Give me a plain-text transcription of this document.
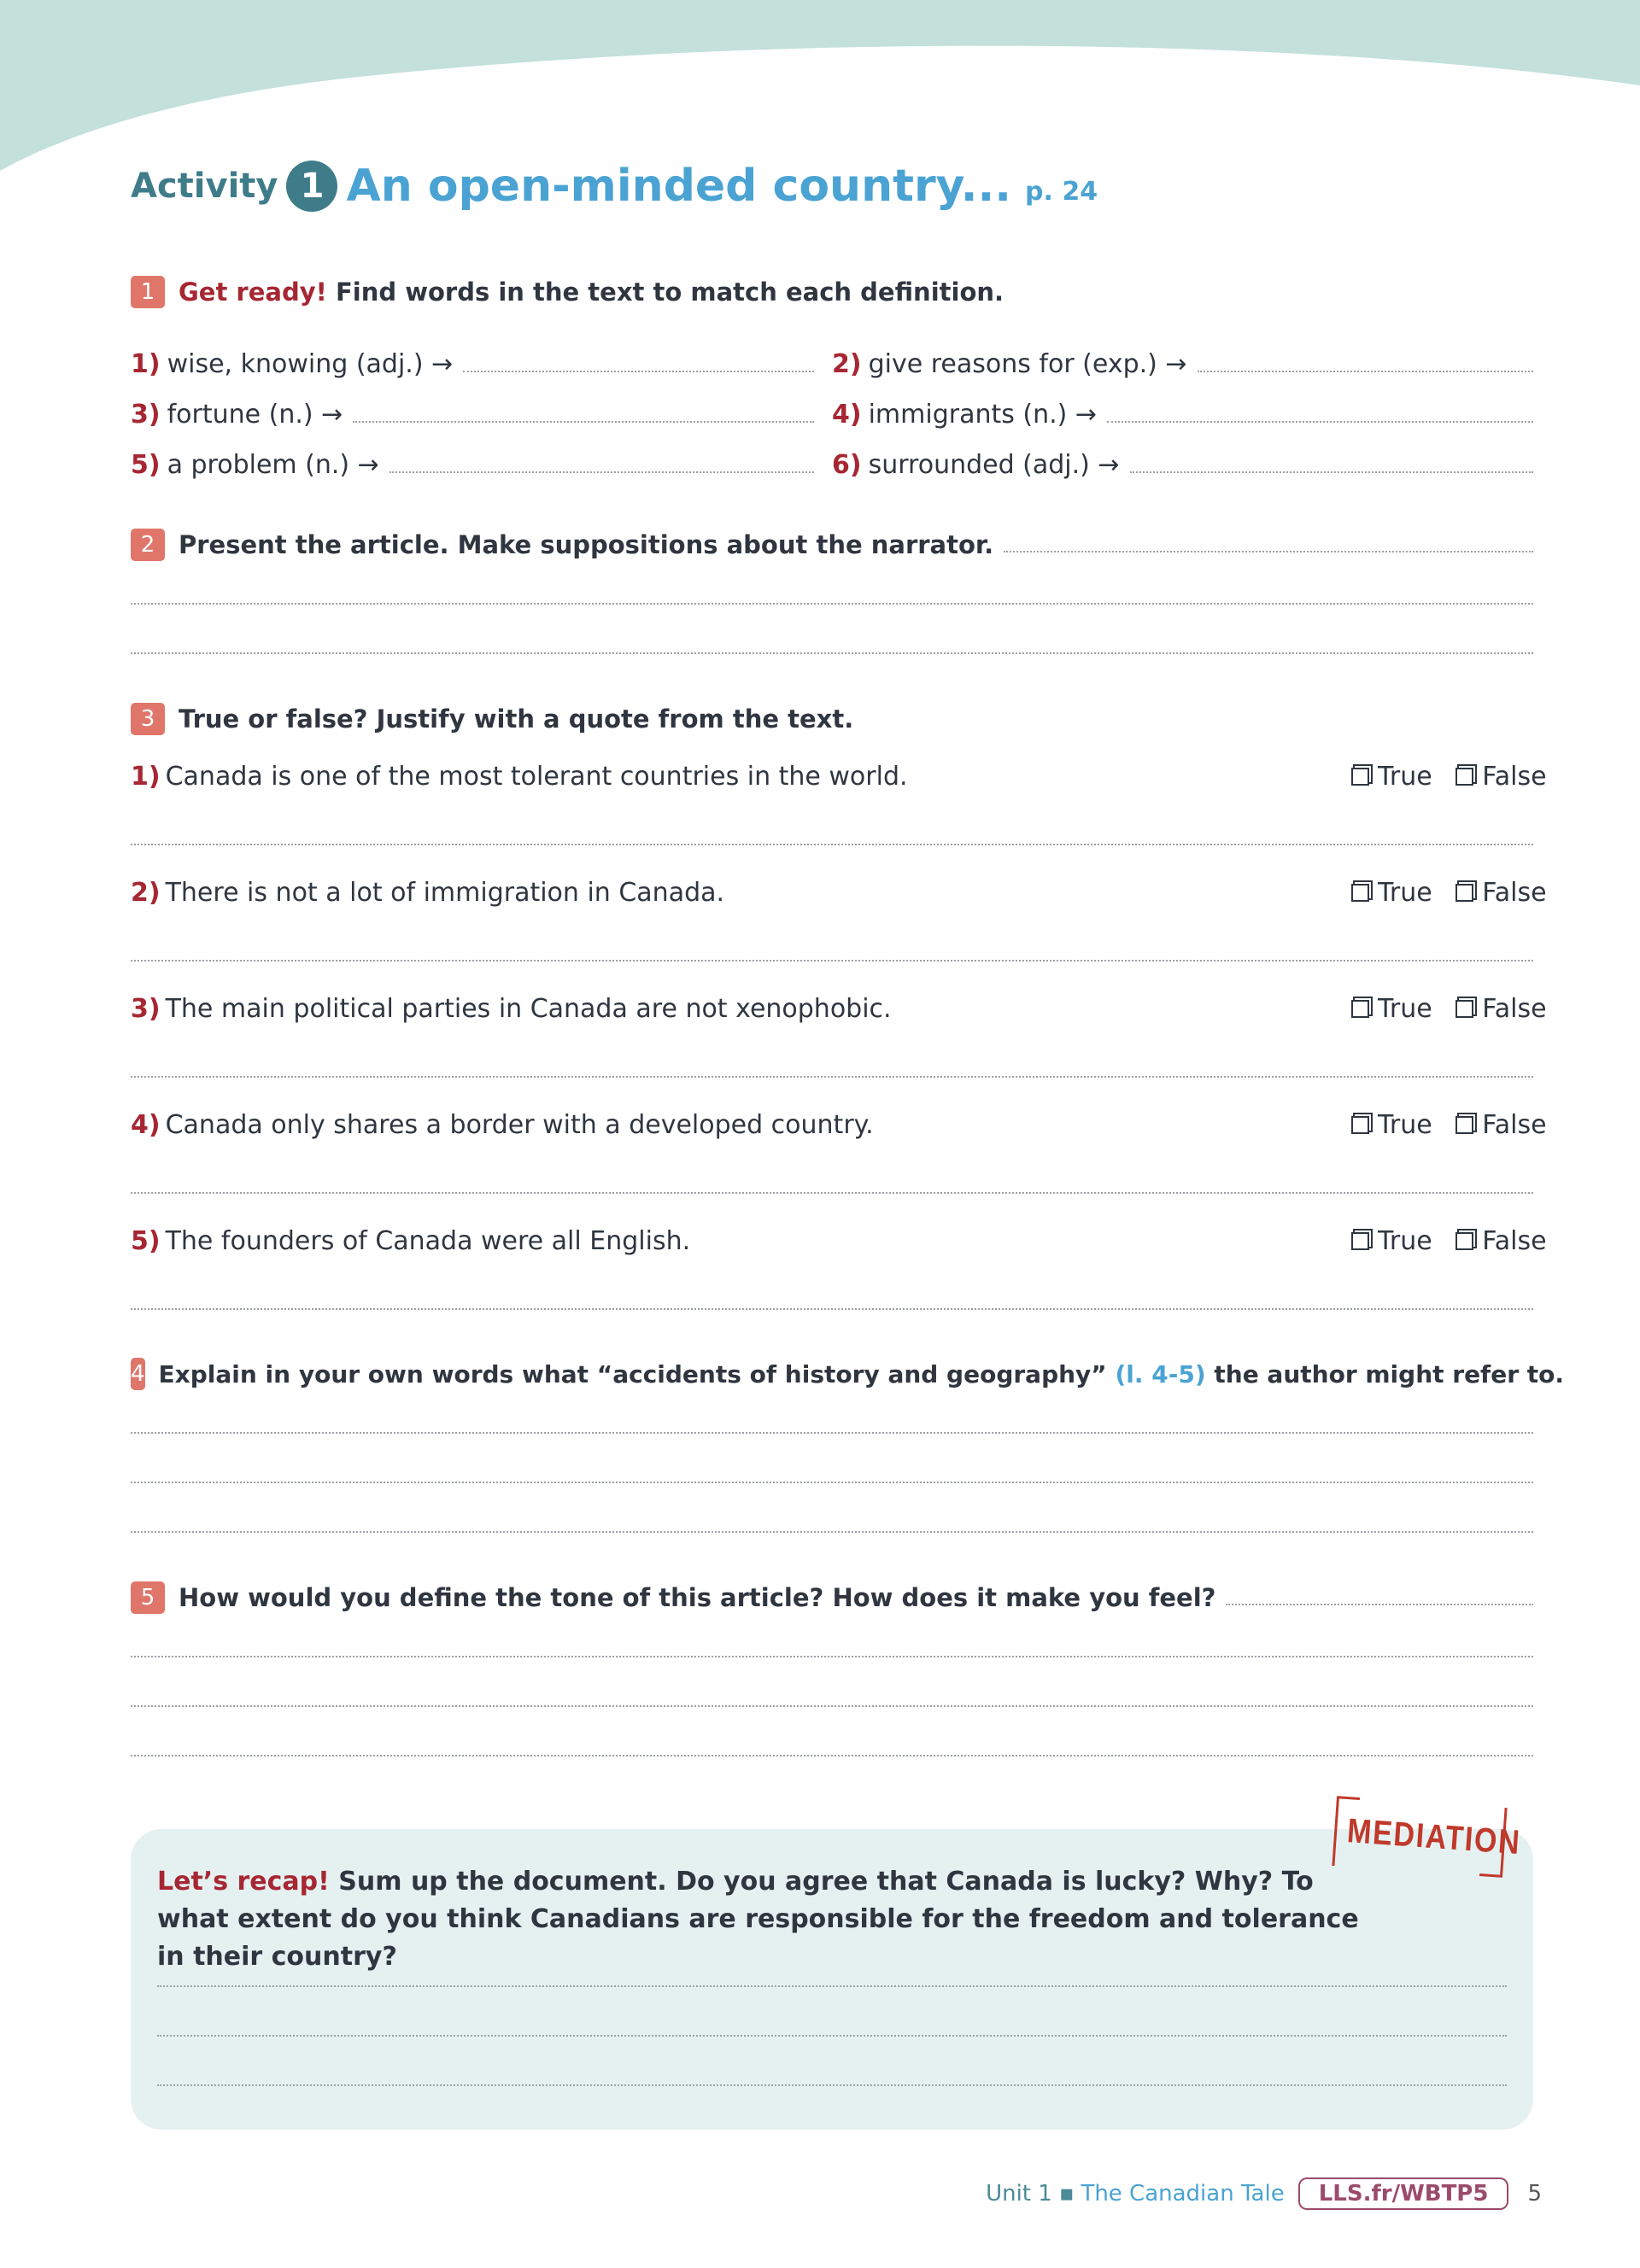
Activity 1 An open-minded country... p. 24
1 Get ready!
Find words in the text to match each definition.
1) wise, knowing (adj.) →	2) give reasons for (exp.) →
3) fortune (n.) →	4) immigrants (n.) →
5) a problem (n.) →	6) surrounded (adj.) →
2 Present the article. Make suppositions about the narrator.
3 True or false? Justify with a quote from the text.
1) Canada is one of the most tolerant countries in the world.	True False
2) There is not a lot of immigration in Canada.	True False
3) The main political parties in Canada are not xenophobic.	True False
4) Canada only shares a border with a developed country.	True False
5) The founders of Canada were all English.	True False
4 Explain in your own words what “accidents of history and geography”
(l. 4-5)
the author might refer to.
5 How would you define the tone of this article? How does it make you feel?
MEDIATION
Let’s recap! Sum up the document. Do you agree that Canada is lucky? Why? To what extent do you think Canadians are responsible for the freedom and tolerance in their country?
Unit 1 ▪ The Canadian Tale	LLS.fr/WBTP5	5
